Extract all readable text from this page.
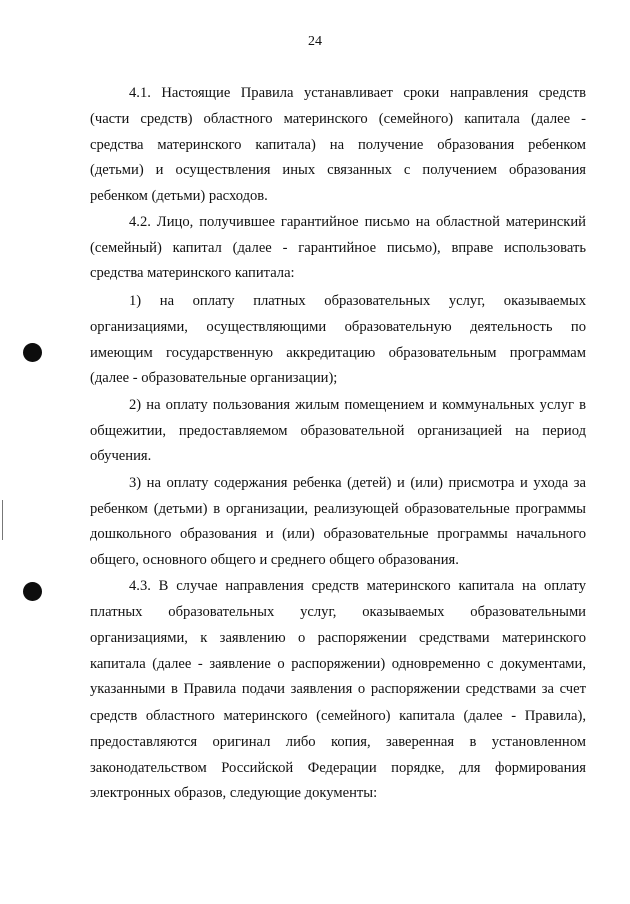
24
4.1. Настоящие Правила устанавливает сроки направления средств
(части средств) областного материнского (семейного) капитала (далее -
средства материнского капитала) на получение образования ребенком
(детьми) и осуществления иных связанных с получением образования
ребенком (детьми) расходов.
4.2. Лицо, получившее гарантийное письмо на областной материнский
(семейный) капитал (далее - гарантийное письмо), вправе использовать
средства материнского капитала:
1) на оплату платных образовательных услуг, оказываемых
организациями, осуществляющими образовательную деятельность по
имеющим государственную аккредитацию образовательным программам
(далее - образовательные организации);
2) на оплату пользования жилым помещением и коммунальных услуг в
общежитии, предоставляемом образовательной организацией на период
обучения.
3) на оплату содержания ребенка (детей) и (или) присмотра и ухода за
ребенком (детьми) в организации, реализующей образовательные программы
дошкольного образования и (или) образовательные программы начального
общего, основного общего и среднего общего образования.
4.3. В случае направления средств материнского капитала на оплату
платных образовательных услуг, оказываемых образовательными
организациями, к заявлению о распоряжении средствами материнского
капитала (далее - заявление о распоряжении) одновременно с документами,
указанными в Правила подачи заявления о распоряжении средствами за счет
средств областного материнского (семейного) капитала (далее - Правила),
предоставляются оригинал либо копия, заверенная в установленном
законодательством Российской Федерации порядке, для формирования
электронных образов, следующие документы:
